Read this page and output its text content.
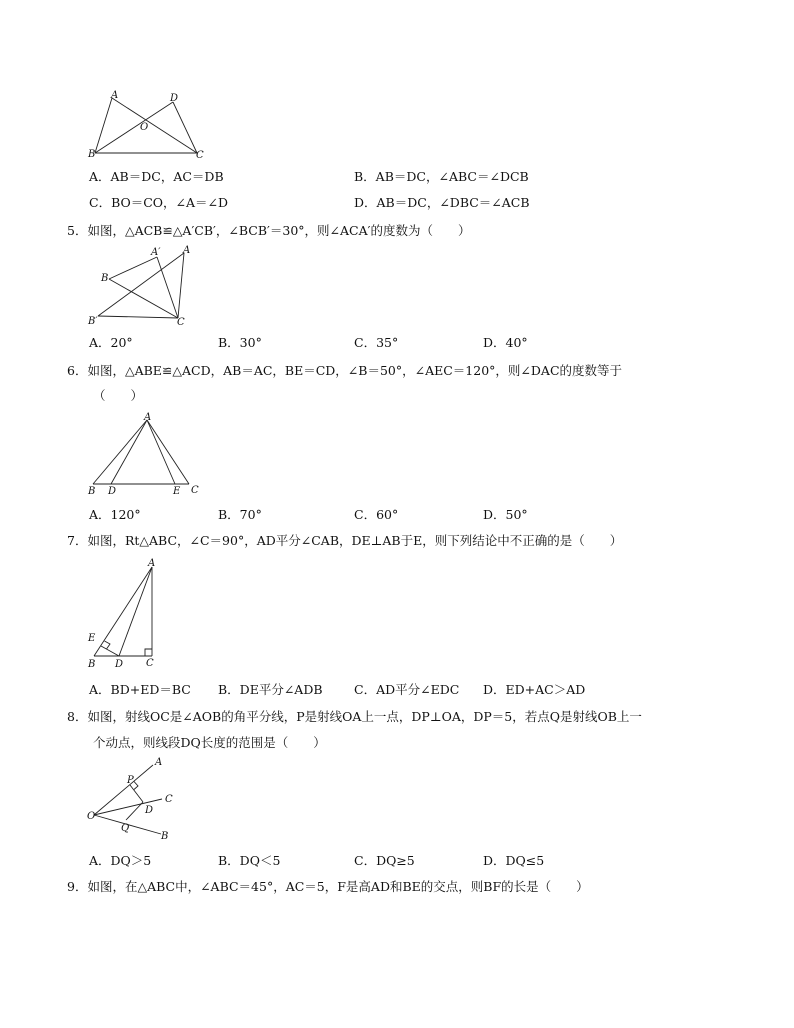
A	D
O
B	C
A．AB＝DC，AC＝DB	B．AB＝DC，∠ABC＝∠DCB
C．BO＝CO，∠A＝∠D	D．AB＝DC，∠DBC＝∠ACB
5．如图，△ACB≌△A′CB′，∠BCB′＝30°，则∠ACA′的度数为（　　）
A′ A
B
B′	C
A．20°	B．30°	C．35°	D．40°
6．如图，△ABE≌△ACD，AB＝AC，BE＝CD，∠B＝50°，∠AEC＝120°，则∠DAC的度数等于
（　　）
A
B D	E C
A．120°	B．70°	C．60°	D．50°
7．如图，Rt△ABC，∠C＝90°，AD平分∠CAB，DE⊥AB于E，则下列结论中不正确的是（　　）
A
E
B D C
A．BD+ED＝BC B．DE平分∠ADB	C．AD平分∠EDC D．ED+AC＞AD
8．如图，射线OC是∠AOB的角平分线，P是射线OA上一点，DP⊥OA，DP＝5，若点Q是射线OB上一
个动点，则线段DQ长度的范围是（　　）
A
P
C
O
D
Q
B
A．DQ＞5	B．DQ＜5	C．DQ≥5	D．DQ≤5
9．如图，在△ABC中，∠ABC＝45°，AC＝5，F是高AD和BE的交点，则BF的长是（　　）
